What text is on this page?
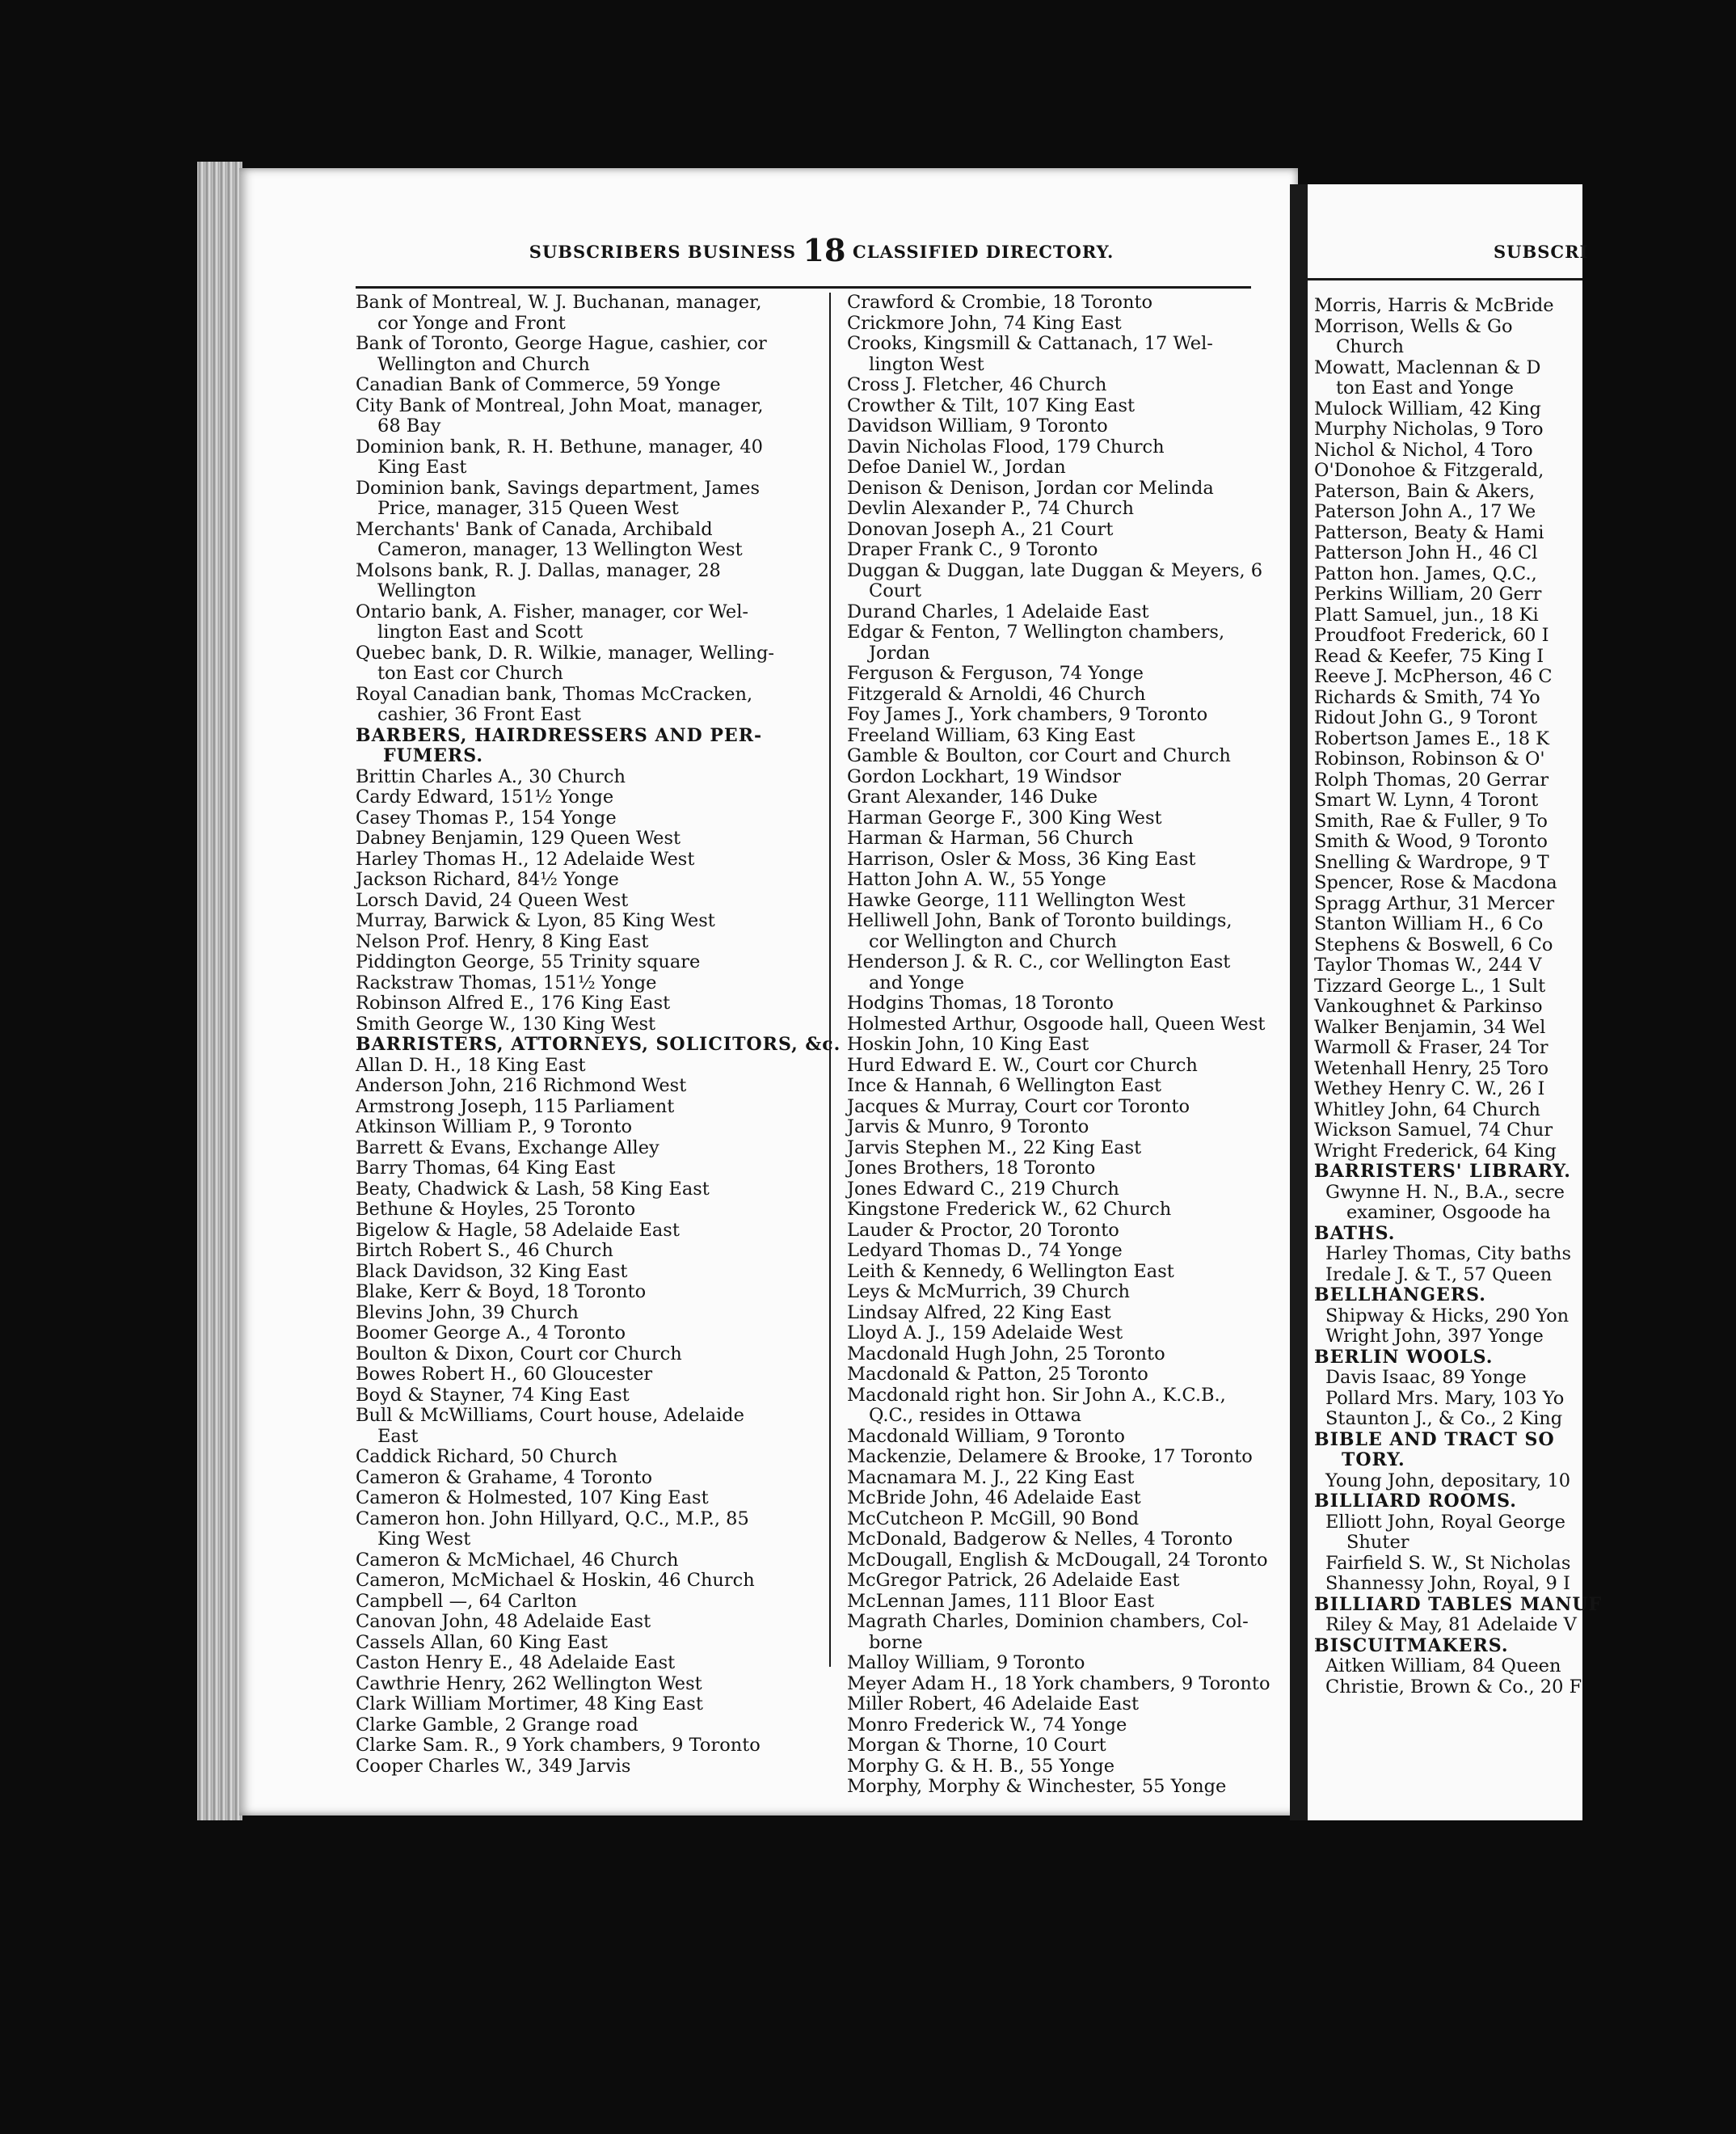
SUBSCRI
Morris, Harris & McBride
Morrison, Wells & Go
Church
Mowatt, Maclennan & D
ton East and Yonge
Mulock William, 42 King
Murphy Nicholas, 9 Toro
Nichol & Nichol, 4 Toro
O'Donohoe & Fitzgerald,
Paterson, Bain & Akers,
Paterson John A., 17 We
Patterson, Beaty & Hami
Patterson John H., 46 Cl
Patton hon. James, Q.C.,
Perkins William, 20 Gerr
Platt Samuel, jun., 18 Ki
Proudfoot Frederick, 60 I
Read & Keefer, 75 King I
Reeve J. McPherson, 46 C
Richards & Smith, 74 Yo
Ridout John G., 9 Toront
Robertson James E., 18 K
Robinson, Robinson & O'
Rolph Thomas, 20 Gerrar
Smart W. Lynn, 4 Toront
Smith, Rae & Fuller, 9 To
Smith & Wood, 9 Toronto
Snelling & Wardrope, 9 T
Spencer, Rose & Macdona
Spragg Arthur, 31 Mercer
Stanton William H., 6 Co
Stephens & Boswell, 6 Co
Taylor Thomas W., 244 V
Tizzard George L., 1 Sult
Vankoughnet & Parkinso
Walker Benjamin, 34 Wel
Warmoll & Fraser, 24 Tor
Wetenhall Henry, 25 Toro
Wethey Henry C. W., 26 I
Whitley John, 64 Church
Wickson Samuel, 74 Chur
Wright Frederick, 64 King
BARRISTERS' LIBRARY.
Gwynne H. N., B.A., secre
examiner, Osgoode ha
BATHS.
Harley Thomas, City baths
Iredale J. & T., 57 Queen
BELLHANGERS.
Shipway & Hicks, 290 Yon
Wright John, 397 Yonge
BERLIN WOOLS.
Davis Isaac, 89 Yonge
Pollard Mrs. Mary, 103 Yo
Staunton J., & Co., 2 King
BIBLE AND TRACT SO
TORY.
Young John, depositary, 10
BILLIARD ROOMS.
Elliott John, Royal George
Shuter
Fairfield S. W., St Nicholas
Shannessy John, Royal, 9 I
BILLIARD TABLES MANUF
Riley & May, 81 Adelaide V
BISCUITMAKERS.
Aitken William, 84 Queen
Christie, Brown & Co., 20 F
SUBSCRIBERS BUSINESS 18 CLASSIFIED DIRECTORY.
Bank of Montreal, W. J. Buchanan, manager,
cor Yonge and Front
Bank of Toronto, George Hague, cashier, cor
Wellington and Church
Canadian Bank of Commerce, 59 Yonge
City Bank of Montreal, John Moat, manager,
68 Bay
Dominion bank, R. H. Bethune, manager, 40
King East
Dominion bank, Savings department, James
Price, manager, 315 Queen West
Merchants' Bank of Canada, Archibald
Cameron, manager, 13 Wellington West
Molsons bank, R. J. Dallas, manager, 28
Wellington
Ontario bank, A. Fisher, manager, cor Wel-
lington East and Scott
Quebec bank, D. R. Wilkie, manager, Welling-
ton East cor Church
Royal Canadian bank, Thomas McCracken,
cashier, 36 Front East
BARBERS, HAIRDRESSERS AND PER-
FUMERS.
Brittin Charles A., 30 Church
Cardy Edward, 151½ Yonge
Casey Thomas P., 154 Yonge
Dabney Benjamin, 129 Queen West
Harley Thomas H., 12 Adelaide West
Jackson Richard, 84½ Yonge
Lorsch David, 24 Queen West
Murray, Barwick & Lyon, 85 King West
Nelson Prof. Henry, 8 King East
Piddington George, 55 Trinity square
Rackstraw Thomas, 151½ Yonge
Robinson Alfred E., 176 King East
Smith George W., 130 King West
BARRISTERS, ATTORNEYS, SOLICITORS, &c.
Allan D. H., 18 King East
Anderson John, 216 Richmond West
Armstrong Joseph, 115 Parliament
Atkinson William P., 9 Toronto
Barrett & Evans, Exchange Alley
Barry Thomas, 64 King East
Beaty, Chadwick & Lash, 58 King East
Bethune & Hoyles, 25 Toronto
Bigelow & Hagle, 58 Adelaide East
Birtch Robert S., 46 Church
Black Davidson, 32 King East
Blake, Kerr & Boyd, 18 Toronto
Blevins John, 39 Church
Boomer George A., 4 Toronto
Boulton & Dixon, Court cor Church
Bowes Robert H., 60 Gloucester
Boyd & Stayner, 74 King East
Bull & McWilliams, Court house, Adelaide
East
Caddick Richard, 50 Church
Cameron & Grahame, 4 Toronto
Cameron & Holmested, 107 King East
Cameron hon. John Hillyard, Q.C., M.P., 85
King West
Cameron & McMichael, 46 Church
Cameron, McMichael & Hoskin, 46 Church
Campbell —, 64 Carlton
Canovan John, 48 Adelaide East
Cassels Allan, 60 King East
Caston Henry E., 48 Adelaide East
Cawthrie Henry, 262 Wellington West
Clark William Mortimer, 48 King East
Clarke Gamble, 2 Grange road
Clarke Sam. R., 9 York chambers, 9 Toronto
Cooper Charles W., 349 Jarvis
Crawford & Crombie, 18 Toronto
Crickmore John, 74 King East
Crooks, Kingsmill & Cattanach, 17 Wel-
lington West
Cross J. Fletcher, 46 Church
Crowther & Tilt, 107 King East
Davidson William, 9 Toronto
Davin Nicholas Flood, 179 Church
Defoe Daniel W., Jordan
Denison & Denison, Jordan cor Melinda
Devlin Alexander P., 74 Church
Donovan Joseph A., 21 Court
Draper Frank C., 9 Toronto
Duggan & Duggan, late Duggan & Meyers, 6
Court
Durand Charles, 1 Adelaide East
Edgar & Fenton, 7 Wellington chambers,
Jordan
Ferguson & Ferguson, 74 Yonge
Fitzgerald & Arnoldi, 46 Church
Foy James J., York chambers, 9 Toronto
Freeland William, 63 King East
Gamble & Boulton, cor Court and Church
Gordon Lockhart, 19 Windsor
Grant Alexander, 146 Duke
Harman George F., 300 King West
Harman & Harman, 56 Church
Harrison, Osler & Moss, 36 King East
Hatton John A. W., 55 Yonge
Hawke George, 111 Wellington West
Helliwell John, Bank of Toronto buildings,
cor Wellington and Church
Henderson J. & R. C., cor Wellington East
and Yonge
Hodgins Thomas, 18 Toronto
Holmested Arthur, Osgoode hall, Queen West
Hoskin John, 10 King East
Hurd Edward E. W., Court cor Church
Ince & Hannah, 6 Wellington East
Jacques & Murray, Court cor Toronto
Jarvis & Munro, 9 Toronto
Jarvis Stephen M., 22 King East
Jones Brothers, 18 Toronto
Jones Edward C., 219 Church
Kingstone Frederick W., 62 Church
Lauder & Proctor, 20 Toronto
Ledyard Thomas D., 74 Yonge
Leith & Kennedy, 6 Wellington East
Leys & McMurrich, 39 Church
Lindsay Alfred, 22 King East
Lloyd A. J., 159 Adelaide West
Macdonald Hugh John, 25 Toronto
Macdonald & Patton, 25 Toronto
Macdonald right hon. Sir John A., K.C.B.,
Q.C., resides in Ottawa
Macdonald William, 9 Toronto
Mackenzie, Delamere & Brooke, 17 Toronto
Macnamara M. J., 22 King East
McBride John, 46 Adelaide East
McCutcheon P. McGill, 90 Bond
McDonald, Badgerow & Nelles, 4 Toronto
McDougall, English & McDougall, 24 Toronto
McGregor Patrick, 26 Adelaide East
McLennan James, 111 Bloor East
Magrath Charles, Dominion chambers, Col-
borne
Malloy William, 9 Toronto
Meyer Adam H., 18 York chambers, 9 Toronto
Miller Robert, 46 Adelaide East
Monro Frederick W., 74 Yonge
Morgan & Thorne, 10 Court
Morphy G. & H. B., 55 Yonge
Morphy, Morphy & Winchester, 55 Yonge
